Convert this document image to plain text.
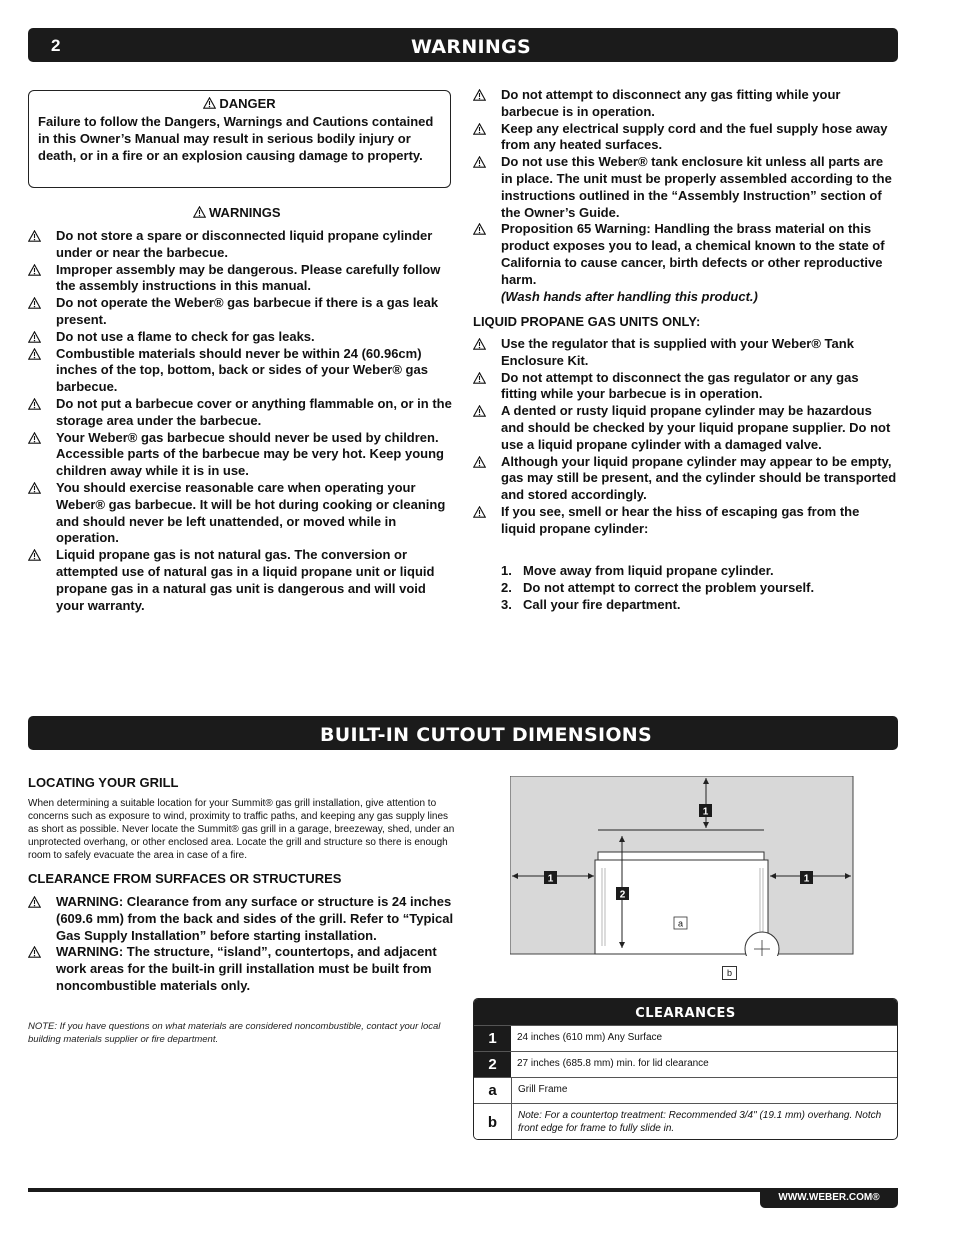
2	WARNINGS
DANGER
Failure to follow the Dangers, Warnings and Cautions contained in this Owner’s Manual may result in serious bodily injury or death, or in a fire or an explosion causing damage to property.
WARNINGS
Do not store a spare or disconnected liquid propane cylinder under or near the barbecue.
Improper assembly may be dangerous. Please carefully follow the assembly instructions in this manual.
Do not operate the Weber® gas barbecue if there is a gas leak present.
Do not use a flame to check for gas leaks.
Combustible materials should never be within 24 (60.96cm) inches of the top, bottom, back or sides of your Weber® gas barbecue.
Do not put a barbecue cover or anything flammable on, or in the storage area under the barbecue.
Your Weber® gas barbecue should never be used by children. Accessible parts of the barbecue may be very hot. Keep young children away while it is in use.
You should exercise reasonable care when operating your Weber® gas barbecue. It will be hot during cooking or cleaning and should never be left unattended, or moved while in operation.
Liquid propane gas is not natural gas. The conversion or attempted use of natural gas in a liquid propane unit or liquid propane gas in a natural gas unit is dangerous and will void your warranty.
Do not attempt to disconnect any gas fitting while your barbecue is in operation.
Keep any electrical supply cord and the fuel supply hose away from any heated surfaces.
Do not use this Weber® tank enclosure kit unless all parts are in place. The unit must be properly assembled according to the instructions outlined in the “Assembly Instruction” section of the Owner’s Guide.
Proposition 65 Warning: Handling the brass material on this product exposes you to lead, a chemical known to the state of California to cause cancer, birth defects or other reproductive harm.
(Wash hands after handling this product.)
LIQUID PROPANE GAS UNITS ONLY:
Use the regulator that is supplied with your Weber® Tank Enclosure Kit.
Do not attempt to disconnect the gas regulator or any gas fitting while your barbecue is in operation.
A dented or rusty liquid propane cylinder may be hazardous and should be checked by your liquid propane supplier. Do not use a liquid propane cylinder with a damaged valve.
Although your liquid propane cylinder may appear to be empty, gas may still be present, and the cylinder should be transported and stored accordingly.
If you see, smell or hear the hiss of escaping gas from the liquid propane cylinder:
1. Move away from liquid propane cylinder.
2. Do not attempt to correct the problem yourself.
3. Call your fire department.
BUILT-IN CUTOUT DIMENSIONS
LOCATING YOUR GRILL
When determining a suitable location for your Summit® gas grill installation, give attention to concerns such as exposure to wind, proximity to traffic paths, and keeping any gas supply lines as short as possible. Never locate the Summit® gas grill in a garage, breezeway, shed, under an unprotected overhang, or other enclosed area. Locate the grill and structure so there is enough room to safely evacuate the area in case of a fire.
CLEARANCE FROM SURFACES OR STRUCTURES
WARNING: Clearance from any surface or structure is 24 inches (609.6 mm) from the back and sides of the grill. Refer to “Typical Gas Supply Installation” before starting installation.
WARNING: The structure, “island”, countertops, and adjacent work areas for the built-in grill installation must be built from noncombustible materials only.
NOTE: If you have questions on what materials are considered noncombustible, contact your local building materials supplier or fire department.
1
1	1
2
a
b
CLEARANCES
1	24 inches (610 mm) Any Surface
2	27 inches (685.8 mm) min. for lid clearance
a	Grill Frame
b	Note: For a countertop treatment: Recommended 3/4" (19.1 mm) overhang. Notch front edge for frame to fully slide in.
WWW.WEBER.COM®
